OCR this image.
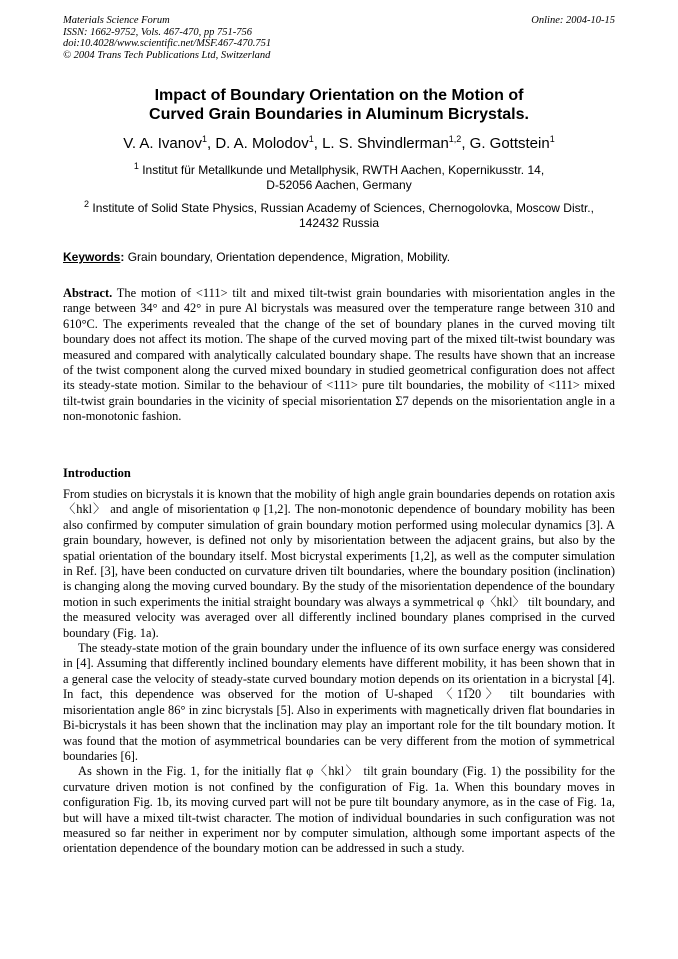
Materials Science Forum
ISSN: 1662-9752, Vols. 467-470, pp 751-756
doi:10.4028/www.scientific.net/MSF.467-470.751
© 2004 Trans Tech Publications Ltd, Switzerland
Online: 2004-10-15
Impact of Boundary Orientation on the Motion of
Curved Grain Boundaries in Aluminum Bicrystals.
V. A. Ivanov$^1$, D. A. Molodov$^1$, L. S. Shvindlerman$^{1,2}$, G. Gottstein$^1$
$^1$ Institut für Metallkunde und Metallphysik, RWTH Aachen, Kopernikusstr. 14,
D-52056 Aachen, Germany
$^2$ Institute of Solid State Physics, Russian Academy of Sciences, Chernogolovka, Moscow Distr.,
142432 Russia
Keywords: Grain boundary, Orientation dependence, Migration, Mobility.

Abstract. The motion of <111> tilt and mixed tilt-twist grain boundaries with misorientation angles in the range between 34° and 42° in pure Al bicrystals was measured over the temperature range between 310 and 610°C. The experiments revealed that the change of the set of boundary planes in the curved moving tilt boundary does not affect its motion. The shape of the curved moving part of the mixed tilt-twist boundary was measured and compared with analytically calculated boundary shape. The results have shown that an increase of the twist component along the curved mixed boundary in studied geometrical configuration does not affect its steady-state motion. Similar to the behaviour of <111> pure tilt boundaries, the mobility of <111> mixed tilt-twist grain boundaries in the vicinity of special misorientation Σ7 depends on the misorientation angle in a non-monotonic fashion.

Introduction

From studies on bicrystals it is known that the mobility of high angle grain boundaries depends on rotation axis 〈hkl〉 and angle of misorientation φ [1,2]. The non-monotonic dependence of boundary mobility has been also confirmed by computer simulation of grain boundary motion performed using molecular dynamics [3]. A grain boundary, however, is defined not only by misorientation between the adjacent grains, but also by the spatial orientation of the boundary itself. Most bicrystal experiments [1,2], as well as the computer simulation in Ref. [3], have been conducted on curvature driven tilt boundaries, where the boundary position (inclination) is changing along the moving curved boundary. By the study of the misorientation dependence of the boundary motion in such experiments the initial straight boundary was always a symmetrical φ〈hkl〉 tilt boundary, and the measured velocity was averaged over all differently inclined boundary planes comprised in the curved boundary (Fig. 1a).

The steady-state motion of the grain boundary under the influence of its own surface energy was considered in [4]. Assuming that differently inclined boundary elements have different mobility, it has been shown that in a general case the velocity of steady-state curved boundary motion depends on its orientation in a bicrystal [4]. In fact, this dependence was observed for the motion of U-shaped 〈11̅20〉 tilt boundaries with misorientation angle 86° in zinc bicrystals [5]. Also in experiments with magnetically driven flat boundaries in Bi-bicrystals it has been shown that the inclination may play an important role for the tilt boundary motion. It was found that the motion of asymmetrical boundaries can be very different from the motion of symmetrical boundaries [6].

As shown in the Fig. 1, for the initially flat φ〈hkl〉 tilt grain boundary (Fig. 1) the possibility for the curvature driven motion is not confined by the configuration of Fig. 1a. When this boundary moves in configuration Fig. 1b, its moving curved part will not be pure tilt boundary anymore, as in the case of Fig. 1a, but will have a mixed tilt-twist character. The motion of individual boundaries in such configuration was not measured so far neither in experiment nor by computer simulation, although some important aspects of the orientation dependence of the boundary motion can be addressed in such a study.
